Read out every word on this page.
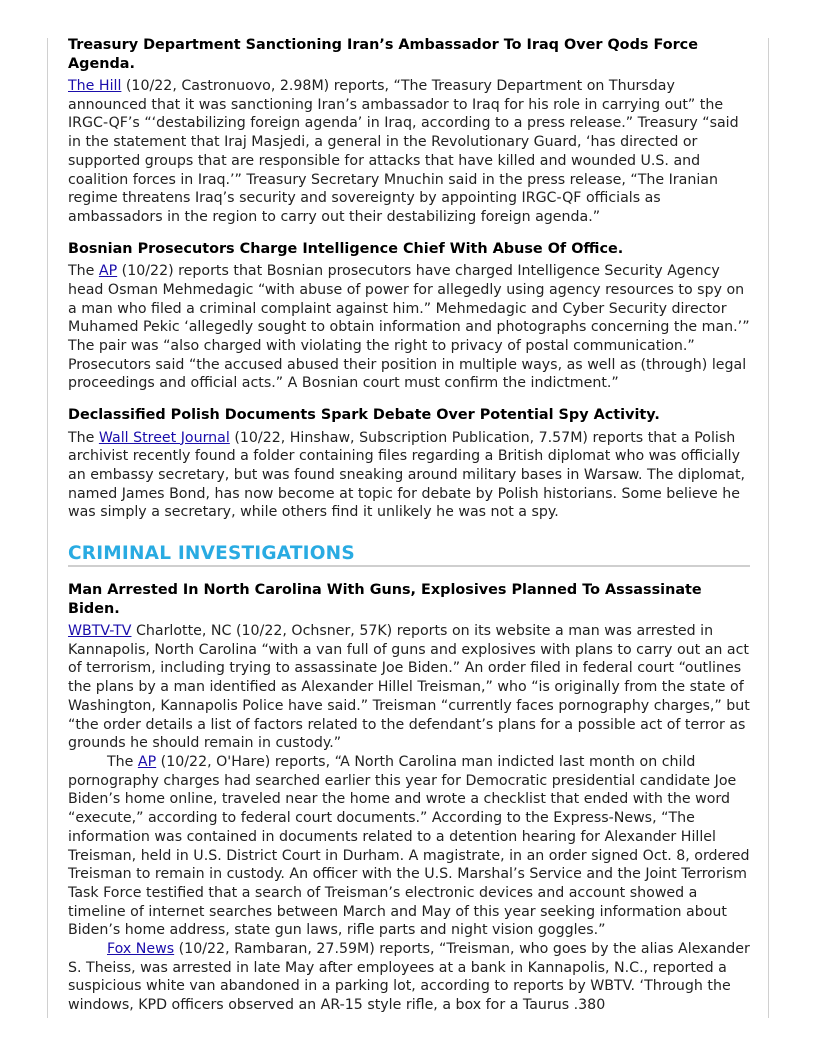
Treasury Department Sanctioning Iran’s Ambassador To Iraq Over Qods Force Agenda.

The Hill (10/22, Castronuovo, 2.98M) reports, “The Treasury Department on Thursday announced that it was sanctioning Iran’s ambassador to Iraq for his role in carrying out” the IRGC-QF’s “‘destabilizing foreign agenda’ in Iraq, according to a press release.” Treasury “said in the statement that Iraj Masjedi, a general in the Revolutionary Guard, ‘has directed or supported groups that are responsible for attacks that have killed and wounded U.S. and coalition forces in Iraq.’” Treasury Secretary Mnuchin said in the press release, “The Iranian regime threatens Iraq’s security and sovereignty by appointing IRGC-QF officials as ambassadors in the region to carry out their destabilizing foreign agenda.”

Bosnian Prosecutors Charge Intelligence Chief With Abuse Of Office.

The AP (10/22) reports that Bosnian prosecutors have charged Intelligence Security Agency head Osman Mehmedagic “with abuse of power for allegedly using agency resources to spy on a man who filed a criminal complaint against him.” Mehmedagic and Cyber Security director Muhamed Pekic ‘allegedly sought to obtain information and photographs concerning the man.’” The pair was “also charged with violating the right to privacy of postal communication.” Prosecutors said “the accused abused their position in multiple ways, as well as (through) legal proceedings and official acts.” A Bosnian court must confirm the indictment.”

Declassified Polish Documents Spark Debate Over Potential Spy Activity.

The Wall Street Journal (10/22, Hinshaw, Subscription Publication, 7.57M) reports that a Polish archivist recently found a folder containing files regarding a British diplomat who was officially an embassy secretary, but was found sneaking around military bases in Warsaw. The diplomat, named James Bond, has now become at topic for debate by Polish historians. Some believe he was simply a secretary, while others find it unlikely he was not a spy.

CRIMINAL INVESTIGATIONS
Man Arrested In North Carolina With Guns, Explosives Planned To Assassinate Biden.

WBTV-TV Charlotte, NC (10/22, Ochsner, 57K) reports on its website a man was arrested in Kannapolis, North Carolina “with a van full of guns and explosives with plans to carry out an act of terrorism, including trying to assassinate Joe Biden.” An order filed in federal court “outlines the plans by a man identified as Alexander Hillel Treisman,” who “is originally from the state of Washington, Kannapolis Police have said.” Treisman “currently faces pornography charges,” but “the order details a list of factors related to the defendant’s plans for a possible act of terror as grounds he should remain in custody.”

The AP (10/22, O'Hare) reports, “A North Carolina man indicted last month on child pornography charges had searched earlier this year for Democratic presidential candidate Joe Biden’s home online, traveled near the home and wrote a checklist that ended with the word “execute,” according to federal court documents.” According to the Express-News, “The information was contained in documents related to a detention hearing for Alexander Hillel Treisman, held in U.S. District Court in Durham. A magistrate, in an order signed Oct. 8, ordered Treisman to remain in custody. An officer with the U.S. Marshal’s Service and the Joint Terrorism Task Force testified that a search of Treisman’s electronic devices and account showed a timeline of internet searches between March and May of this year seeking information about Biden’s home address, state gun laws, rifle parts and night vision goggles.”

Fox News (10/22, Rambaran, 27.59M) reports, “Treisman, who goes by the alias Alexander S. Theiss, was arrested in late May after employees at a bank in Kannapolis, N.C., reported a suspicious white van abandoned in a parking lot, according to reports by WBTV. ‘Through the windows, KPD officers observed an AR-15 style rifle, a box for a Taurus .380
